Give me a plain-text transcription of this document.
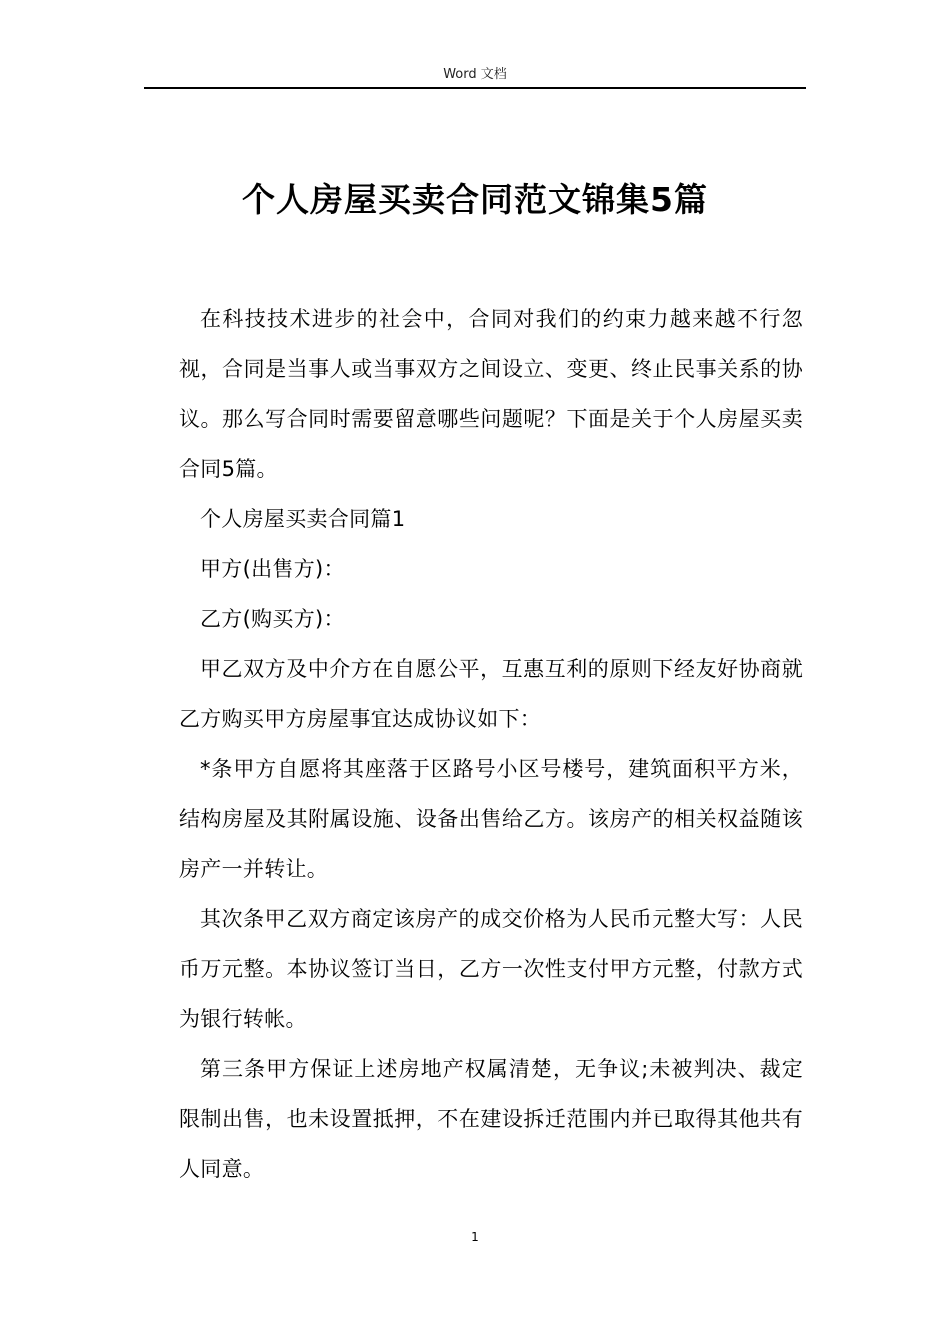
Word 文档
个人房屋买卖合同范文锦集5篇

在科技技术进步的社会中，合同对我们的约束力越来越不行忽视，合同是当事人或当事双方之间设立、变更、终止民事关系的协议。那么写合同时需要留意哪些问题呢？下面是关于个人房屋买卖合同5篇。

个人房屋买卖合同篇1

甲方(出售方)：

乙方(购买方)：

甲乙双方及中介方在自愿公平，互惠互利的原则下经友好协商就乙方购买甲方房屋事宜达成协议如下：

*条甲方自愿将其座落于区路号小区号楼号，建筑面积平方米，结构房屋及其附属设施、设备出售给乙方。该房产的相关权益随该房产一并转让。

其次条甲乙双方商定该房产的成交价格为人民币元整大写：人民币万元整。本协议签订当日，乙方一次性支付甲方元整，付款方式为银行转帐。

第三条甲方保证上述房地产权属清楚，无争议;未被判决、裁定限制出售，也未设置抵押，不在建设拆迁范围内并已取得其他共有人同意。

1
